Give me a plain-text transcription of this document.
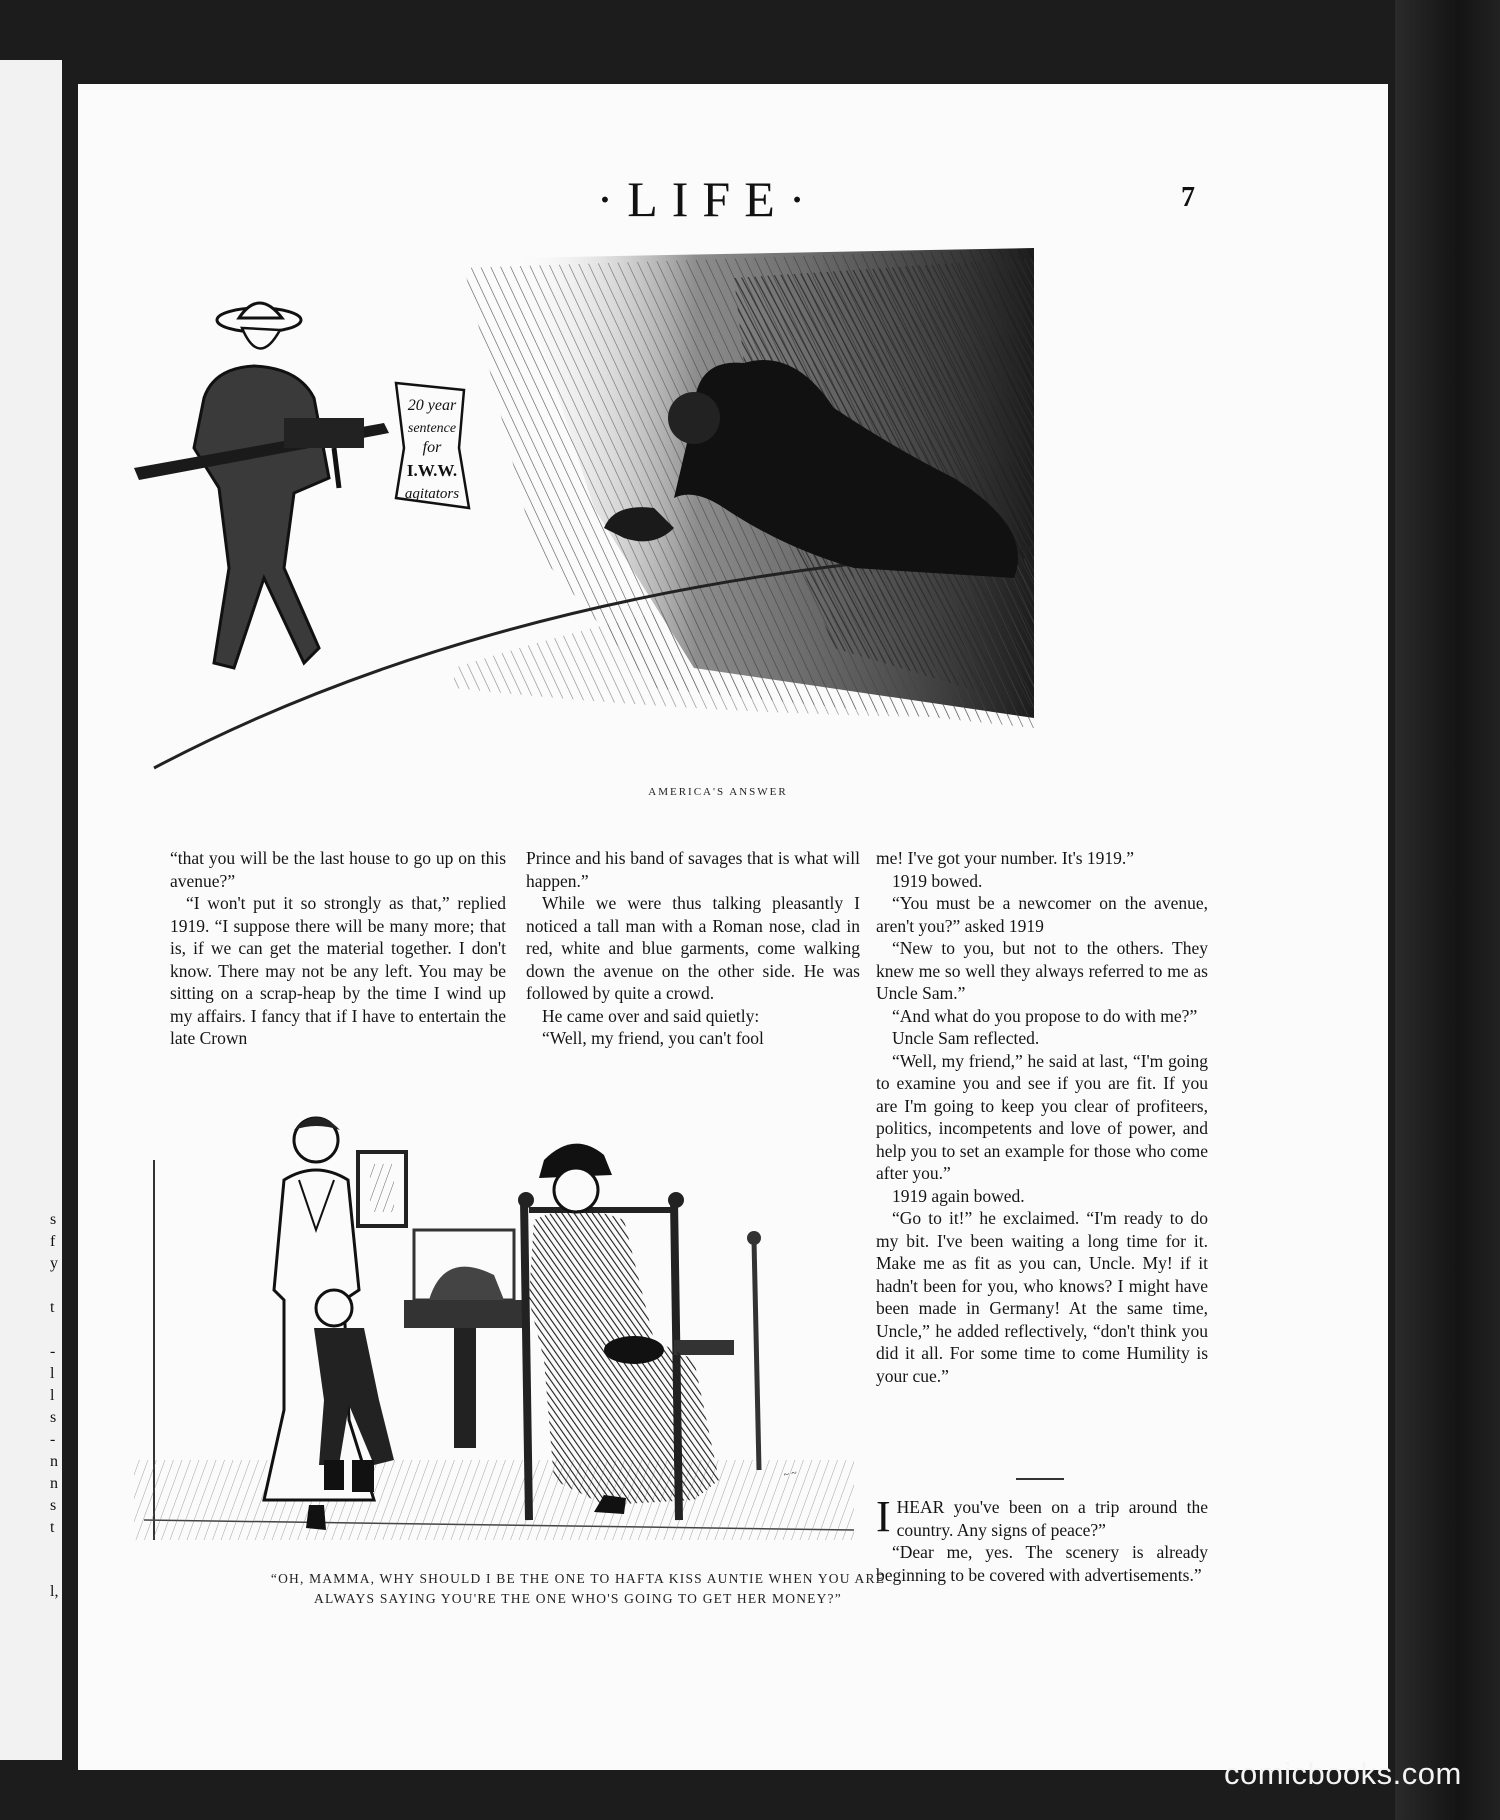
s
f
y
t
-
l
l
s
-
n
n
s
t
l,
·LIFE·	7
20 year
sentence
for
I.W.W.
agitators
AMERICA'S ANSWER

“that you will be the last house to go up on this avenue?”

“I won't put it so strongly as that,” replied 1919. “I suppose there will be many more; that is, if we can get the material together. I don't know. There may not be any left. You may be sitting on a scrap-heap by the time I wind up my affairs. I fancy that if I have to entertain the late Crown

Prince and his band of savages that is what will happen.”

While we were thus talking pleasantly I noticed a tall man with a Roman nose, clad in red, white and blue garments, come walking down the avenue on the other side. He was followed by quite a crowd.

He came over and said quietly:

“Well, my friend, you can't fool

me! I've got your number. It's 1919.”

1919 bowed.

“You must be a newcomer on the avenue, aren't you?” asked 1919

“New to you, but not to the others. They knew me so well they always referred to me as Uncle Sam.”

“And what do you propose to do with me?”

Uncle Sam reflected.

“Well, my friend,” he said at last, “I'm going to examine you and see if you are fit. If you are I'm going to keep you clear of profiteers, politics, incompetents and love of power, and help you to set an example for those who come after you.”

1919 again bowed.

“Go to it!” he exclaimed. “I'm ready to do my bit. I've been waiting a long time for it. Make me as fit as you can, Uncle. My! if it hadn't been for you, who knows? I might have been made in Germany! At the same time, Uncle,” he added reflectively, “don't think you did it all. For some time to come Humility is your cue.”

IHEAR you've been on a trip around the country. Any signs of peace?”

“Dear me, yes. The scenery is already beginning to be covered with advertisements.”

~ ~
“OH, MAMMA, WHY SHOULD I BE THE ONE TO HAFTA KISS AUNTIE WHEN YOU ARE ALWAYS SAYING YOU'RE THE ONE WHO'S GOING TO GET HER MONEY?”
comicbooks.com
